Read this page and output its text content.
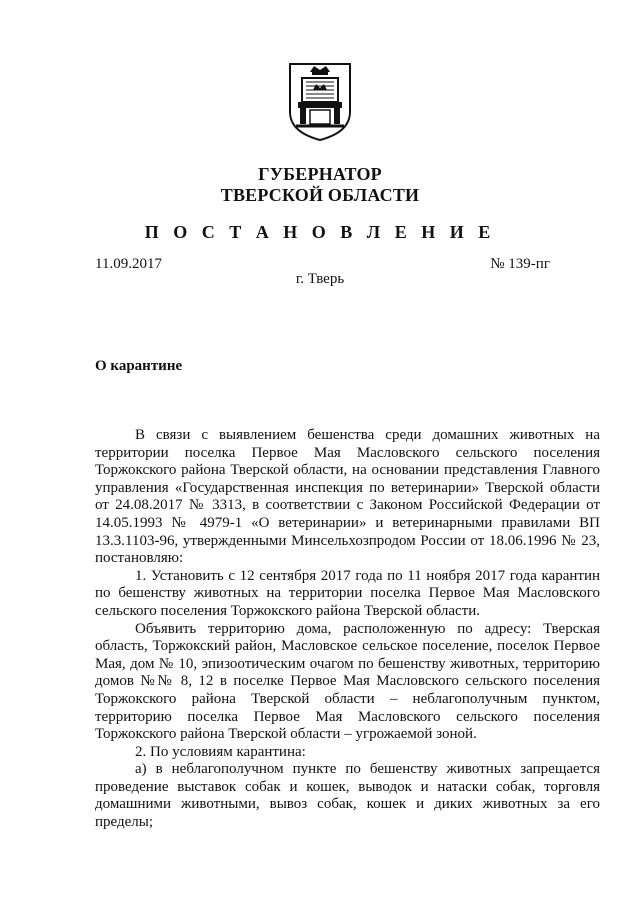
ГУБЕРНАТОР
ТВЕРСКОЙ ОБЛАСТИ
П О С Т А Н О В Л Е Н И Е
11.09.2017	№ 139-пг
г. Тверь
О карантине

В связи с выявлением бешенства среди домашних животных на территории поселка Первое Мая Масловского сельского поселения Торжокского района Тверской области, на основании представления Главного управления «Государственная инспекция по ветеринарии» Тверской области от 24.08.2017 № 3313, в соответствии с Законом Российской Федерации от 14.05.1993 № 4979-1 «О ветеринарии» и ветеринарными правилами ВП 13.3.1103-96, утвержденными Минсельхозпродом России от 18.06.1996 № 23, постановляю:

1. Установить с 12 сентября 2017 года по 11 ноября 2017 года карантин по бешенству животных на территории поселка Первое Мая Масловского сельского поселения Торжокского района Тверской области.

Объявить территорию дома, расположенную по адресу: Тверская область, Торжокский район, Масловское сельское поселение, поселок Первое Мая, дом № 10, эпизоотическим очагом по бешенству животных, территорию домов №№ 8, 12 в поселке Первое Мая Масловского сельского поселения Торжокского района Тверской области – неблагополучным пунктом, территорию поселка Первое Мая Масловского сельского поселения Торжокского района Тверской области – угрожаемой зоной.

2. По условиям карантина:

а) в неблагополучном пункте по бешенству животных запрещается проведение выставок собак и кошек, выводок и натаски собак, торговля домашними животными, вывоз собак, кошек и диких животных за его пределы;
